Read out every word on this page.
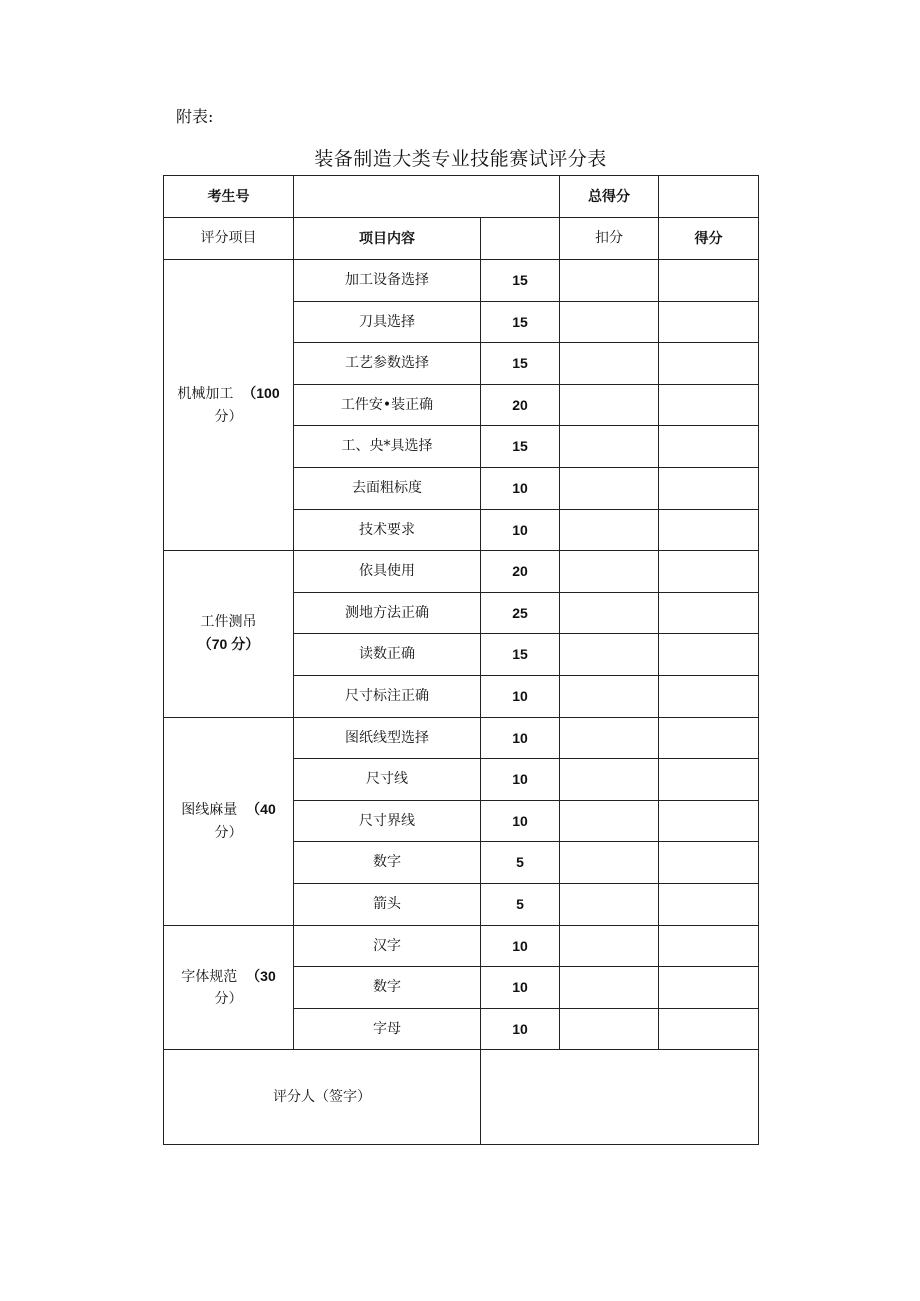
附表:
装备制造大类专业技能赛试评分表
考生号			总得分	
评分项目	项目内容		扣分	得分

机械加工 （100
分）	加工设备选择	15		
	刀具选择	15		
	工艺参数选择	15		
	工件安•装正确	20		
	工、央*具选择	15		
	去面粗标度	10		
	技术要求	10		

工件测吊
（70 分）	依具使用	20		
	测地方法正确	25		
	读数正确	15		
	尺寸标注正确	10		

图线麻量 （40
分）	图纸线型选择	10		
	尺寸线	10		
	尺寸界线	10		
	数字	5		
	箭头	5		

字体规范 （30
分）	汉字	10		
	数字	10		
	字母	10		
评分人（签字）				
